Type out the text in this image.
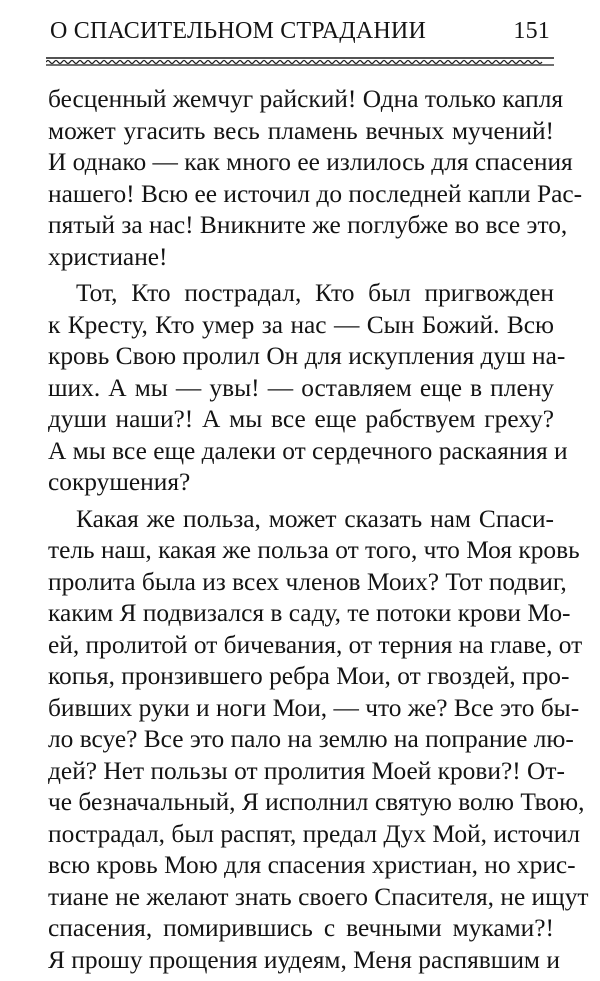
О СПАСИТЕЛЬНОМ СТРАДАНИИ	151

бесценный жемчуг райский! Одна только капля
может угасить весь пламень вечных мучений!
И однако — как много ее излилось для спасения
нашего! Всю ее источил до последней капли Рас-
пятый за нас! Вникните же поглубже во все это,
христиане!

Тот, Кто пострадал, Кто был пригвожден
к Кресту, Кто умер за нас — Сын Божий. Всю
кровь Свою пролил Он для искупления душ на-
ших. А мы — увы! — оставляем еще в плену
души наши?! А мы все еще рабствуем греху?
А мы все еще далеки от сердечного раскаяния и
сокрушения?

Какая же польза, может сказать нам Спаси-
тель наш, какая же польза от того, что Моя кровь
пролита была из всех членов Моих? Тот подвиг,
каким Я подвизался в саду, те потоки крови Мо-
ей, пролитой от бичевания, от терния на главе, от
копья, пронзившего ребра Мои, от гвоздей, про-
бивших руки и ноги Мои, — что же? Все это бы-
ло всуе? Все это пало на землю на попрание лю-
дей? Нет пользы от пролития Моей крови?! От-
че безначальный, Я исполнил святую волю Твою,
пострадал, был распят, предал Дух Мой, источил
всю кровь Мою для спасения христиан, но хрис-
тиане не желают знать своего Спасителя, не ищут
спасения, помирившись с вечными муками?!
Я прошу прощения иудеям, Меня распявшим и
